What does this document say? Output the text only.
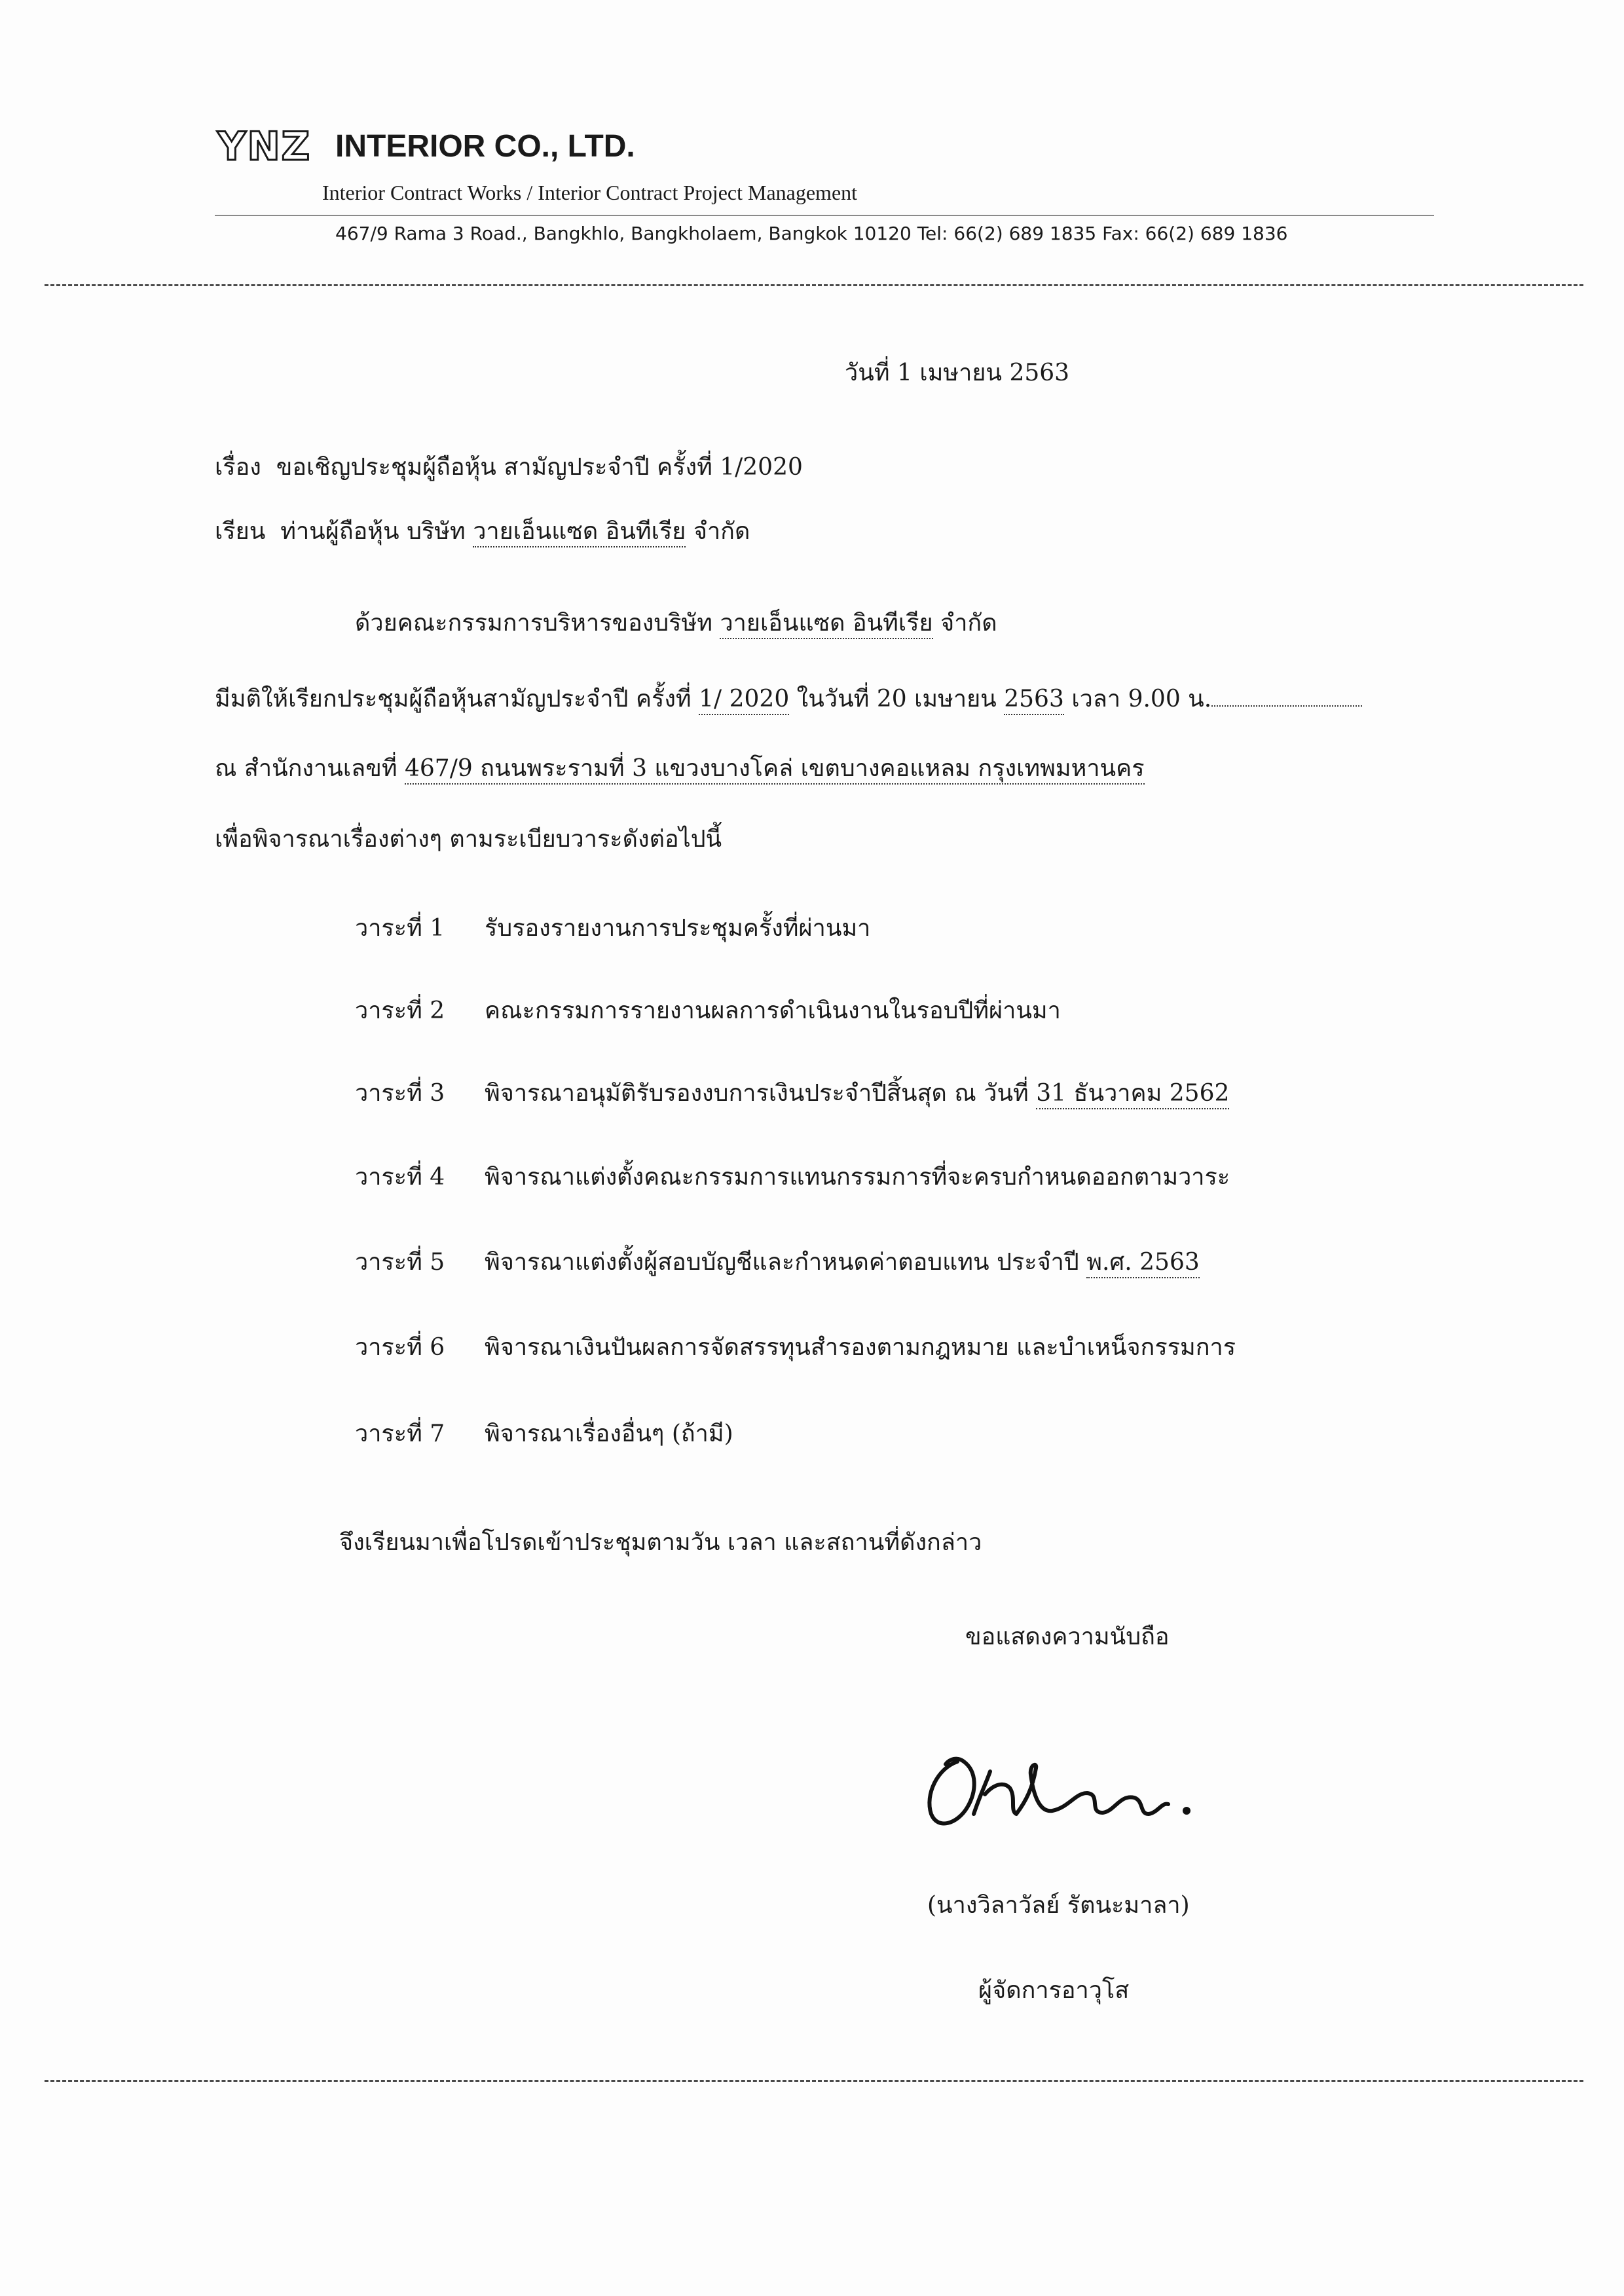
YNZ INTERIOR CO., LTD.
Interior Contract Works / Interior Contract Project Management
467/9 Rama 3 Road., Bangkhlo, Bangkholaem, Bangkok 10120 Tel: 66(2) 689 1835 Fax: 66(2) 689 1836
วันที่ 1 เมษายน 2563
เรื่อง ขอเชิญประชุมผู้ถือหุ้น สามัญประจำปี ครั้งที่ 1/2020
เรียน ท่านผู้ถือหุ้น บริษัท วายเอ็นแซด อินทีเรีย จำกัด
ด้วยคณะกรรมการบริหารของบริษัท วายเอ็นแซด อินทีเรีย จำกัด
มีมติให้เรียกประชุมผู้ถือหุ้นสามัญประจำปี ครั้งที่ 1/ 2020 ในวันที่ 20 เมษายน 2563 เวลา 9.00 น.
ณ สำนักงานเลขที่ 467/9 ถนนพระรามที่ 3 แขวงบางโคล่ เขตบางคอแหลม กรุงเทพมหานคร
เพื่อพิจารณาเรื่องต่างๆ ตามระเบียบวาระดังต่อไปนี้
วาระที่ 1 รับรองรายงานการประชุมครั้งที่ผ่านมา
วาระที่ 2 คณะกรรมการรายงานผลการดำเนินงานในรอบปีที่ผ่านมา
วาระที่ 3 พิจารณาอนุมัติรับรองงบการเงินประจำปีสิ้นสุด ณ วันที่ 31 ธันวาคม 2562
วาระที่ 4 พิจารณาแต่งตั้งคณะกรรมการแทนกรรมการที่จะครบกำหนดออกตามวาระ
วาระที่ 5 พิจารณาแต่งตั้งผู้สอบบัญชีและกำหนดค่าตอบแทน ประจำปี พ.ศ. 2563
วาระที่ 6 พิจารณาเงินปันผลการจัดสรรทุนสำรองตามกฎหมาย และบำเหน็จกรรมการ
วาระที่ 7 พิจารณาเรื่องอื่นๆ (ถ้ามี)
จึงเรียนมาเพื่อโปรดเข้าประชุมตามวัน เวลา และสถานที่ดังกล่าว
ขอแสดงความนับถือ
(นางวิลาวัลย์ รัตนะมาลา)
ผู้จัดการอาวุโส
